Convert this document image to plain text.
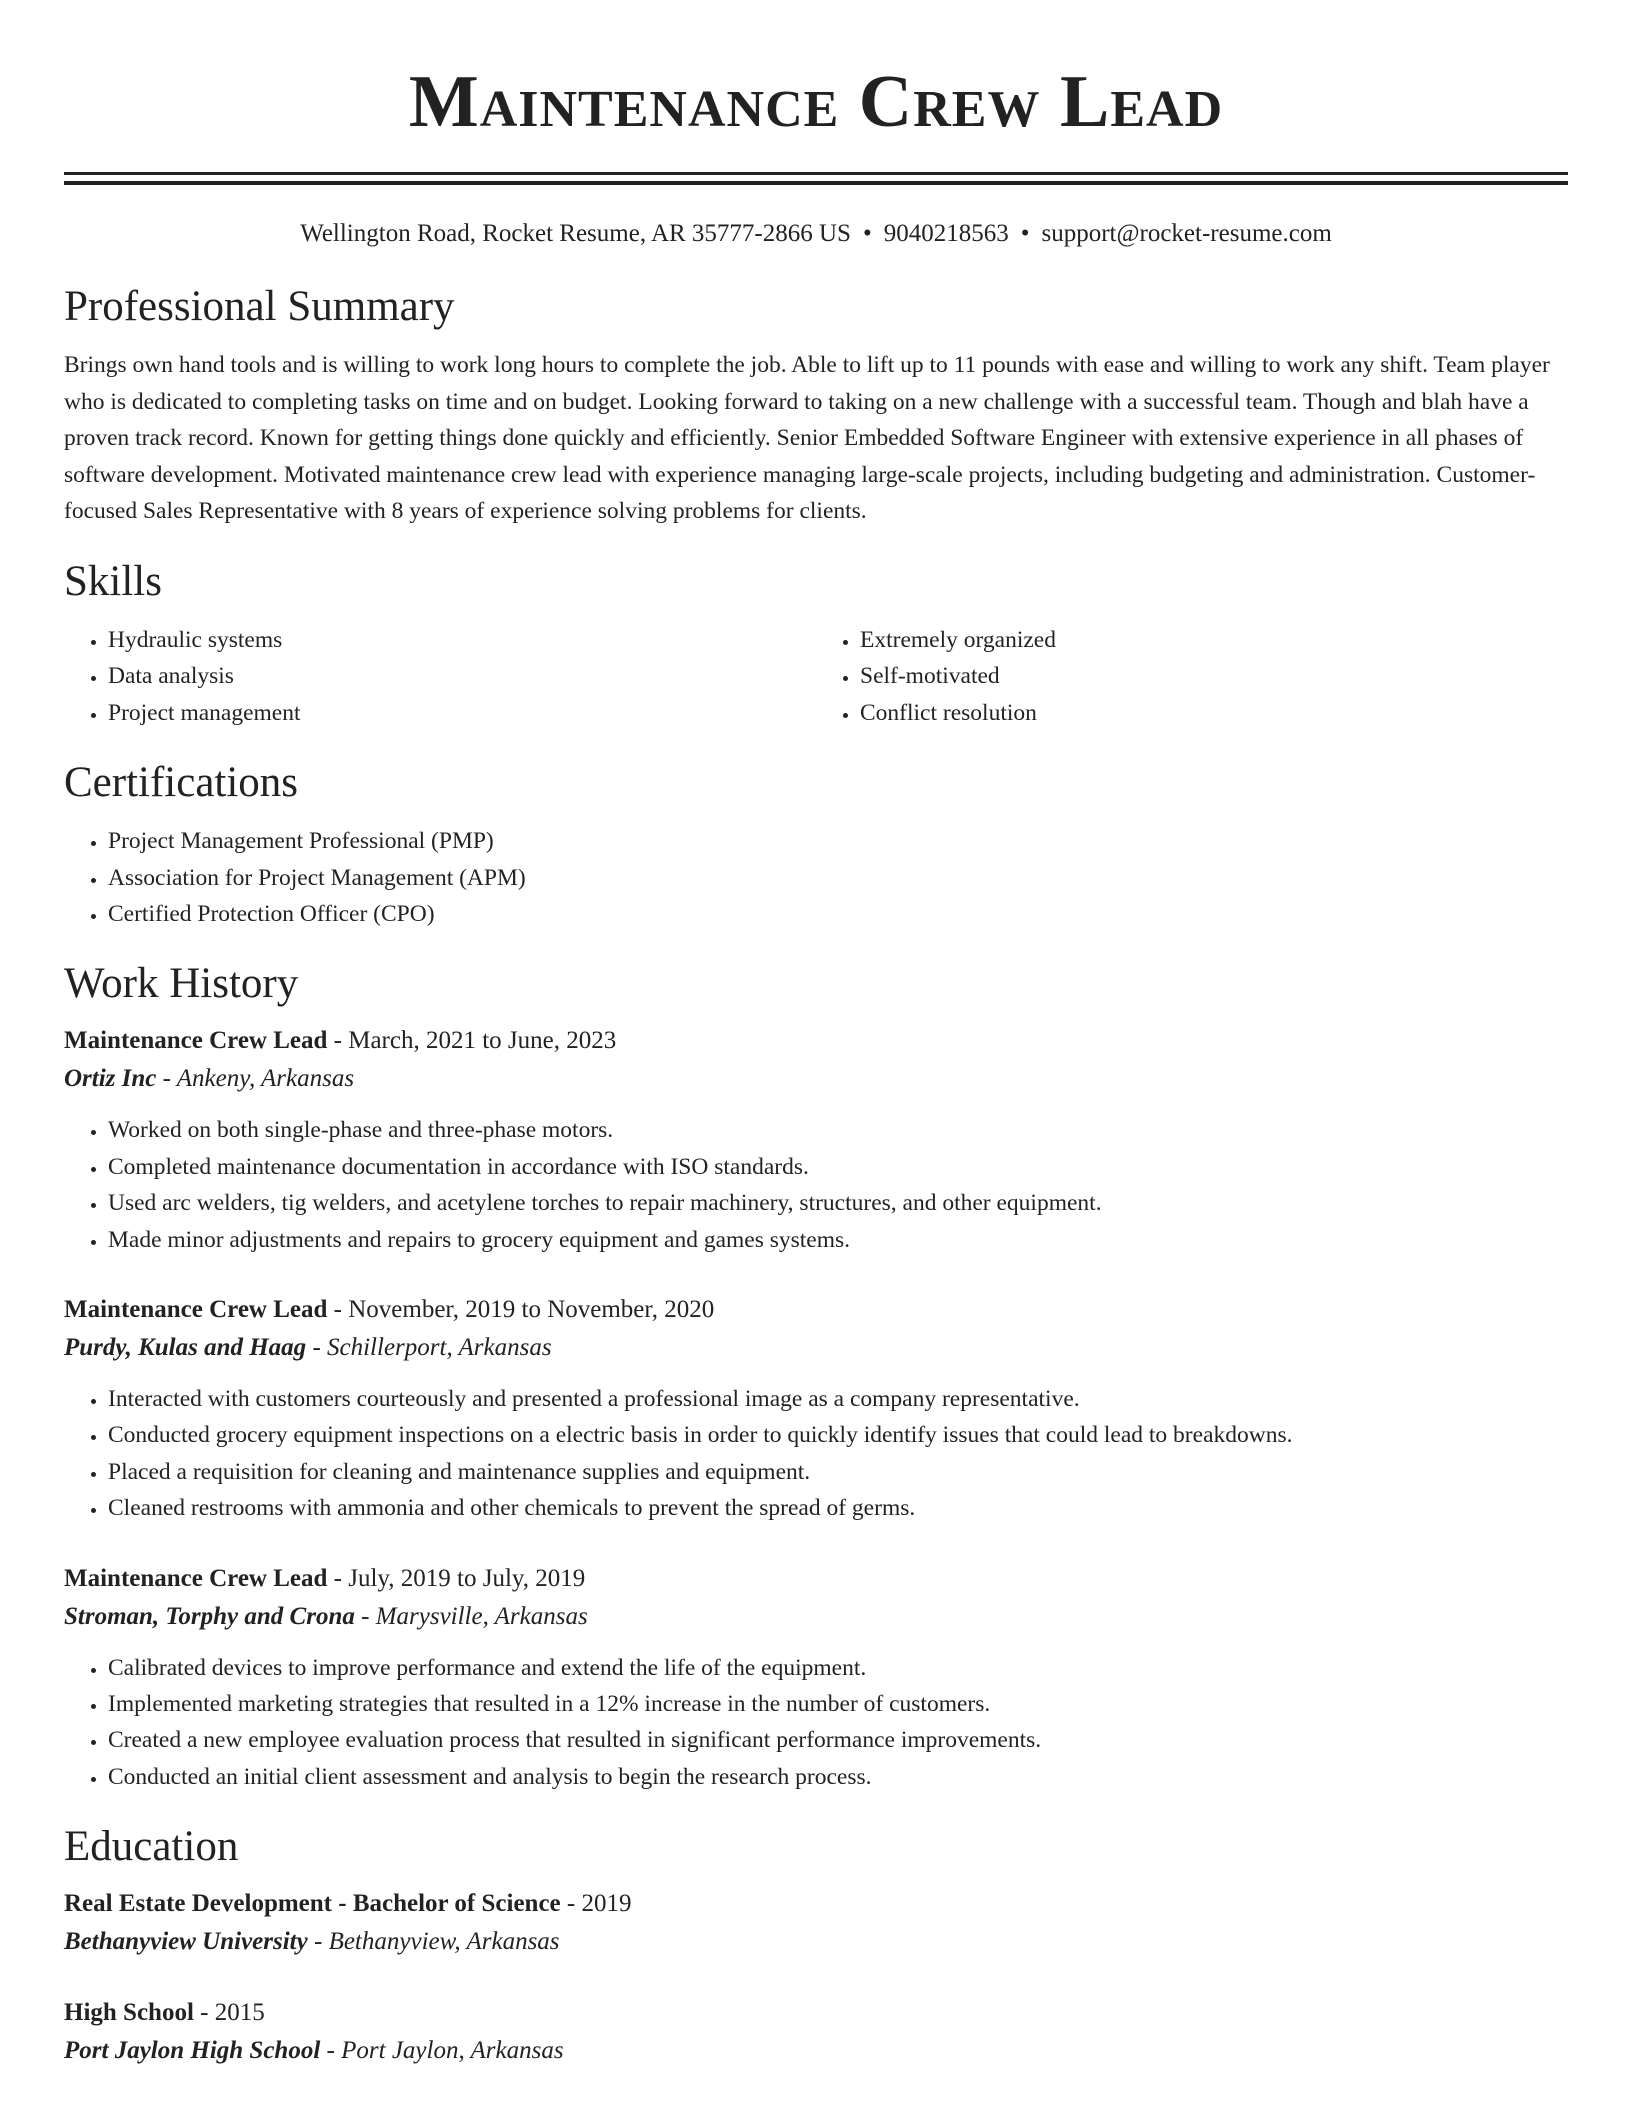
Maintenance Crew Lead
Wellington Road, Rocket Resume, AR 35777-2866 US • 9040218563 • support@rocket-resume.com
Professional Summary
Brings own hand tools and is willing to work long hours to complete the job. Able to lift up to 11 pounds with ease and willing to work any shift. Team player who is dedicated to completing tasks on time and on budget. Looking forward to taking on a new challenge with a successful team. Though and blah have a proven track record. Known for getting things done quickly and efficiently. Senior Embedded Software Engineer with extensive experience in all phases of software development. Motivated maintenance crew lead with experience managing large-scale projects, including budgeting and administration. Customer-focused Sales Representative with 8 years of experience solving problems for clients.
Skills
• Hydraulic systems
• Data analysis
• Project management
• Extremely organized
• Self-motivated
• Conflict resolution
Certifications
• Project Management Professional (PMP)
• Association for Project Management (APM)
• Certified Protection Officer (CPO)
Work History
Maintenance Crew Lead - March, 2021 to June, 2023
Ortiz Inc - Ankeny, Arkansas
• Worked on both single-phase and three-phase motors.
• Completed maintenance documentation in accordance with ISO standards.
• Used arc welders, tig welders, and acetylene torches to repair machinery, structures, and other equipment.
• Made minor adjustments and repairs to grocery equipment and games systems.
Maintenance Crew Lead - November, 2019 to November, 2020
Purdy, Kulas and Haag - Schillerport, Arkansas
• Interacted with customers courteously and presented a professional image as a company representative.
• Conducted grocery equipment inspections on a electric basis in order to quickly identify issues that could lead to breakdowns.
• Placed a requisition for cleaning and maintenance supplies and equipment.
• Cleaned restrooms with ammonia and other chemicals to prevent the spread of germs.
Maintenance Crew Lead - July, 2019 to July, 2019
Stroman, Torphy and Crona - Marysville, Arkansas
• Calibrated devices to improve performance and extend the life of the equipment.
• Implemented marketing strategies that resulted in a 12% increase in the number of customers.
• Created a new employee evaluation process that resulted in significant performance improvements.
• Conducted an initial client assessment and analysis to begin the research process.
Education
Real Estate Development - Bachelor of Science - 2019
Bethanyview University - Bethanyview, Arkansas
High School - 2015
Port Jaylon High School - Port Jaylon, Arkansas
